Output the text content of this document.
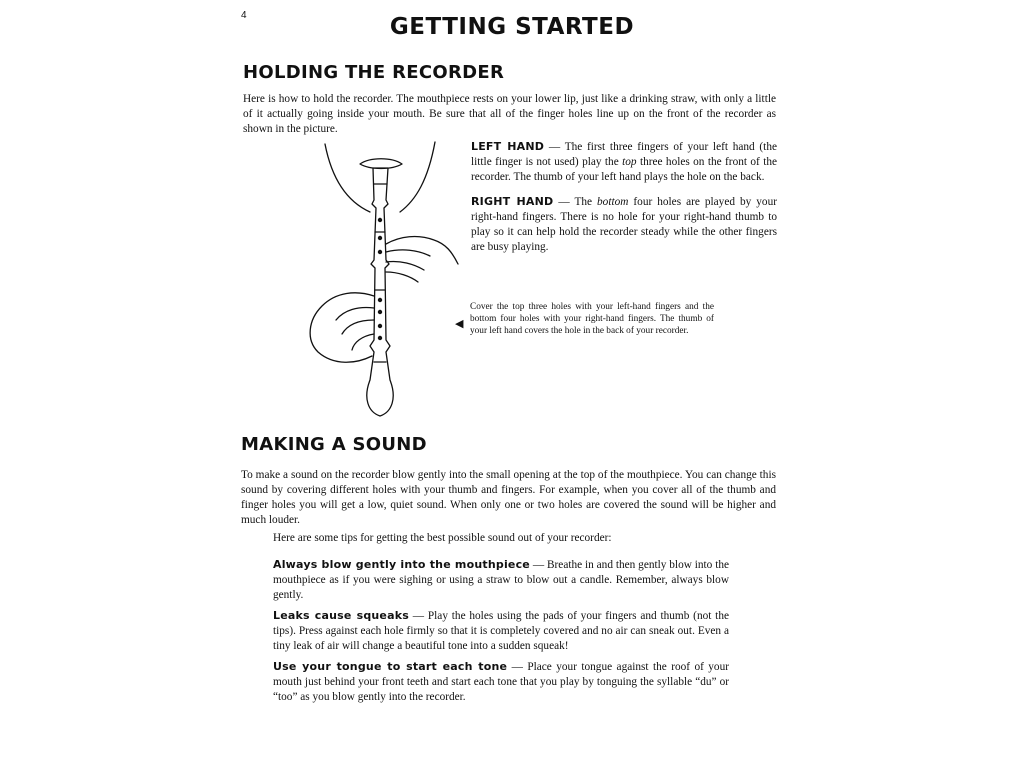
4	GETTING STARTED
HOLDING THE RECORDER

Here is how to hold the recorder. The mouthpiece rests on your lower lip, just like a drinking straw, with only a little of it actually going inside your mouth. Be sure that all of the finger holes line up on the front of the recorder as shown in the picture.

LEFT HAND — The first three fingers of your left hand (the little finger is not used) play the top three holes on the front of the recorder. The thumb of your left hand plays the hole on the back.

RIGHT HAND — The bottom four holes are played by your right-hand fingers. There is no hole for your right-hand thumb to play so it can help hold the recorder steady while the other fingers are busy playing.

◀

Cover the top three holes with your left-hand fingers and the bottom four holes with your right-hand fingers. The thumb of your left hand covers the hole in the back of your recorder.

MAKING A SOUND

To make a sound on the recorder blow gently into the small opening at the top of the mouthpiece. You can change this sound by covering different holes with your thumb and fingers. For example, when you cover all of the thumb and finger holes you will get a low, quiet sound. When only one or two holes are covered the sound will be higher and much louder.

Here are some tips for getting the best possible sound out of your recorder:

Always blow gently into the mouthpiece — Breathe in and then gently blow into the mouthpiece as if you were sighing or using a straw to blow out a candle. Remember, always blow gently.

Leaks cause squeaks — Play the holes using the pads of your fingers and thumb (not the tips). Press against each hole firmly so that it is completely covered and no air can sneak out. Even a tiny leak of air will change a beautiful tone into a sudden squeak!

Use your tongue to start each tone — Place your tongue against the roof of your mouth just behind your front teeth and start each tone that you play by tonguing the syllable “du” or “too” as you blow gently into the recorder.
